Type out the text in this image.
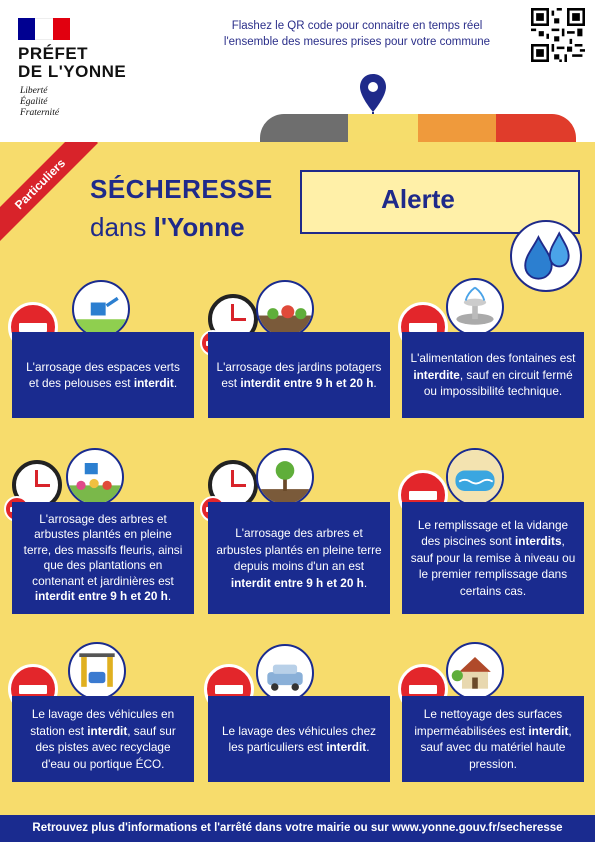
PRÉFET
DE L'YONNE
Liberté
Égalité
Fraternité
Flashez le QR code pour connaitre en temps réel
l'ensemble des mesures prises pour votre commune
Particuliers SÉCHERESSE
dans l'Yonne
Alerte
L'arrosage des espaces verts et des pelouses est interdit.
L'arrosage des jardins potagers est interdit entre 9 h et 20 h.
L'alimentation des fontaines est interdite, sauf en circuit fermé ou impossibilité technique.
L'arrosage des arbres et arbustes plantés en pleine terre, des massifs fleuris, ainsi que des plantations en contenant et jardinières est interdit entre 9 h et 20 h.
L'arrosage des arbres et arbustes plantés en pleine terre depuis moins d'un an est interdit entre 9 h et 20 h.
Le remplissage et la vidange des piscines sont interdits, sauf pour la remise à niveau ou le premier remplissage dans certains cas.
Le lavage des véhicules en station est interdit, sauf sur des pistes avec recyclage d'eau ou portique ÉCO.
Le lavage des véhicules chez les particuliers est interdit.
Le nettoyage des surfaces imperméabilisées est interdit, sauf avec du matériel haute pression.
Retrouvez plus d'informations et l'arrêté dans votre mairie ou sur www.yonne.gouv.fr/secheresse
